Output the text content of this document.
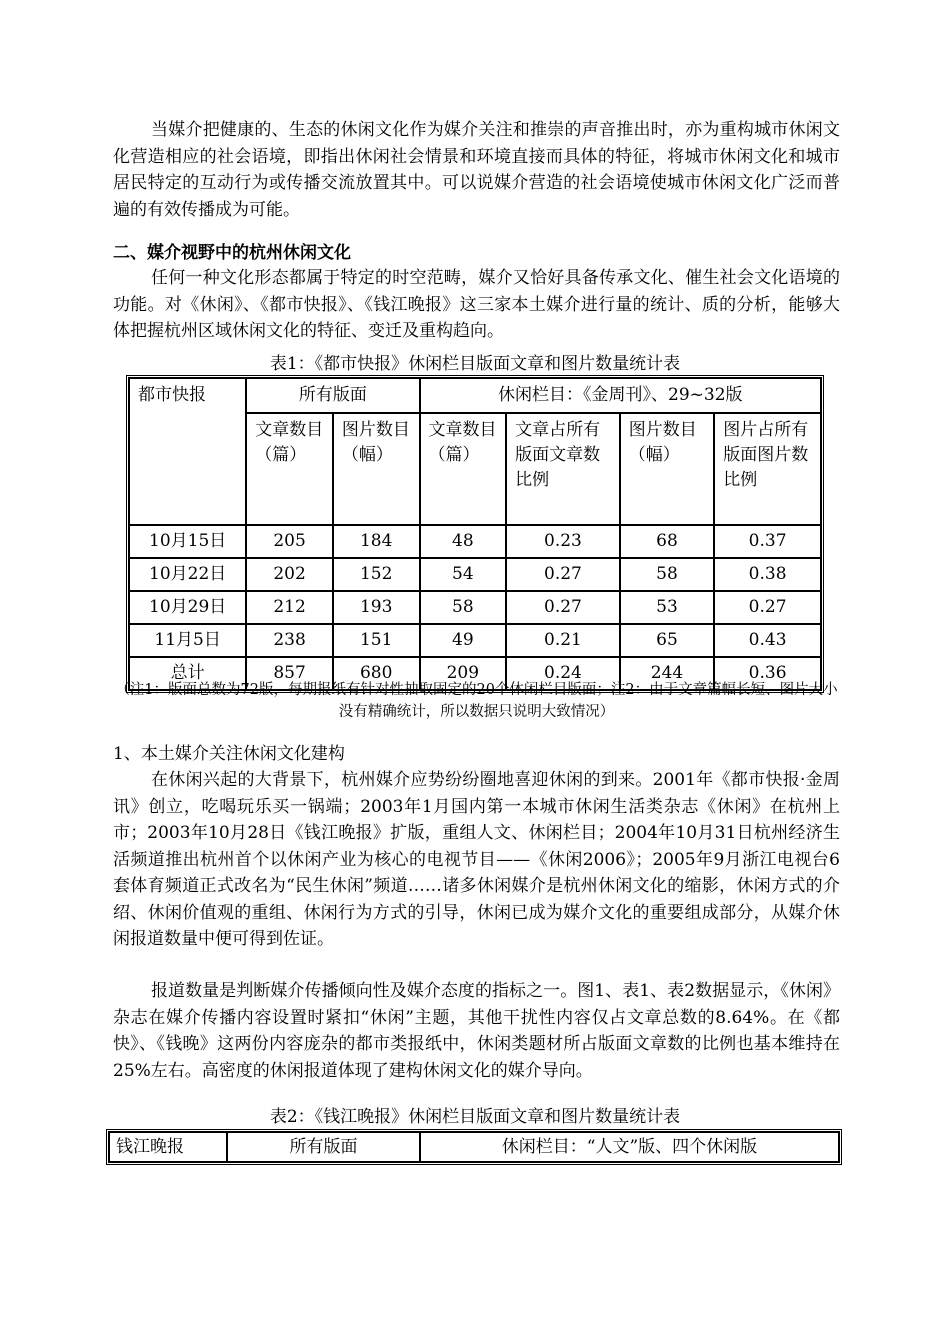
当媒介把健康的、生态的休闲文化作为媒介关注和推崇的声音推出时，亦为重构城市休闲文化营造相应的社会语境，即指出休闲社会情景和环境直接而具体的特征，将城市休闲文化和城市居民特定的互动行为或传播交流放置其中。可以说媒介营造的社会语境使城市休闲文化广泛而普遍的有效传播成为可能。

二、媒介视野中的杭州休闲文化

任何一种文化形态都属于特定的时空范畴，媒介又恰好具备传承文化、催生社会文化语境的功能。对《休闲》、《都市快报》、《钱江晚报》这三家本土媒介进行量的统计、质的分析，能够大体把握杭州区域休闲文化的特征、变迁及重构趋向。

表1：《都市快报》休闲栏目版面文章和图片数量统计表

都市快报	所有版面		休闲栏目：《金周刊》、29~32版			
	文章数目（篇）	图片数目（幅）	文章数目（篇）	文章占所有版面文章数比例	图片数目（幅）	图片占所有版面图片数比例
10月15日	205	184	48	0.23	68	0.37
10月22日	202	152	54	0.27	58	0.38
10月29日	212	193	58	0.27	53	0.27
11月5日	238	151	49	0.21	65	0.43
总计	857	680	209	0.24	244	0.36

（注1：版面总数为72版，每期报纸有针对性抽取固定的20个休闲栏目版面；注2：由于文章篇幅长短、图片大小没有精确统计，所以数据只说明大致情况）

1、本土媒介关注休闲文化建构

在休闲兴起的大背景下，杭州媒介应势纷纷圈地喜迎休闲的到来。2001年《都市快报·金周讯》创立，吃喝玩乐买一锅端；2003年1月国内第一本城市休闲生活类杂志《休闲》在杭州上市；2003年10月28日《钱江晚报》扩版，重组人文、休闲栏目；2004年10月31日杭州经济生活频道推出杭州首个以休闲产业为核心的电视节目——《休闲2006》；2005年9月浙江电视台6套体育频道正式改名为“民生休闲”频道……诸多休闲媒介是杭州休闲文化的缩影，休闲方式的介绍、休闲价值观的重组、休闲行为方式的引导，休闲已成为媒介文化的重要组成部分，从媒介休闲报道数量中便可得到佐证。

报道数量是判断媒介传播倾向性及媒介态度的指标之一。图1、表1、表2数据显示，《休闲》杂志在媒介传播内容设置时紧扣“休闲”主题，其他干扰性内容仅占文章总数的8.64%。在《都快》、《钱晚》这两份内容庞杂的都市类报纸中，休闲类题材所占版面文章数的比例也基本维持在25%左右。高密度的休闲报道体现了建构休闲文化的媒介导向。

表2：《钱江晚报》休闲栏目版面文章和图片数量统计表

钱江晚报	所有版面	休闲栏目：“人文”版、四个休闲版
